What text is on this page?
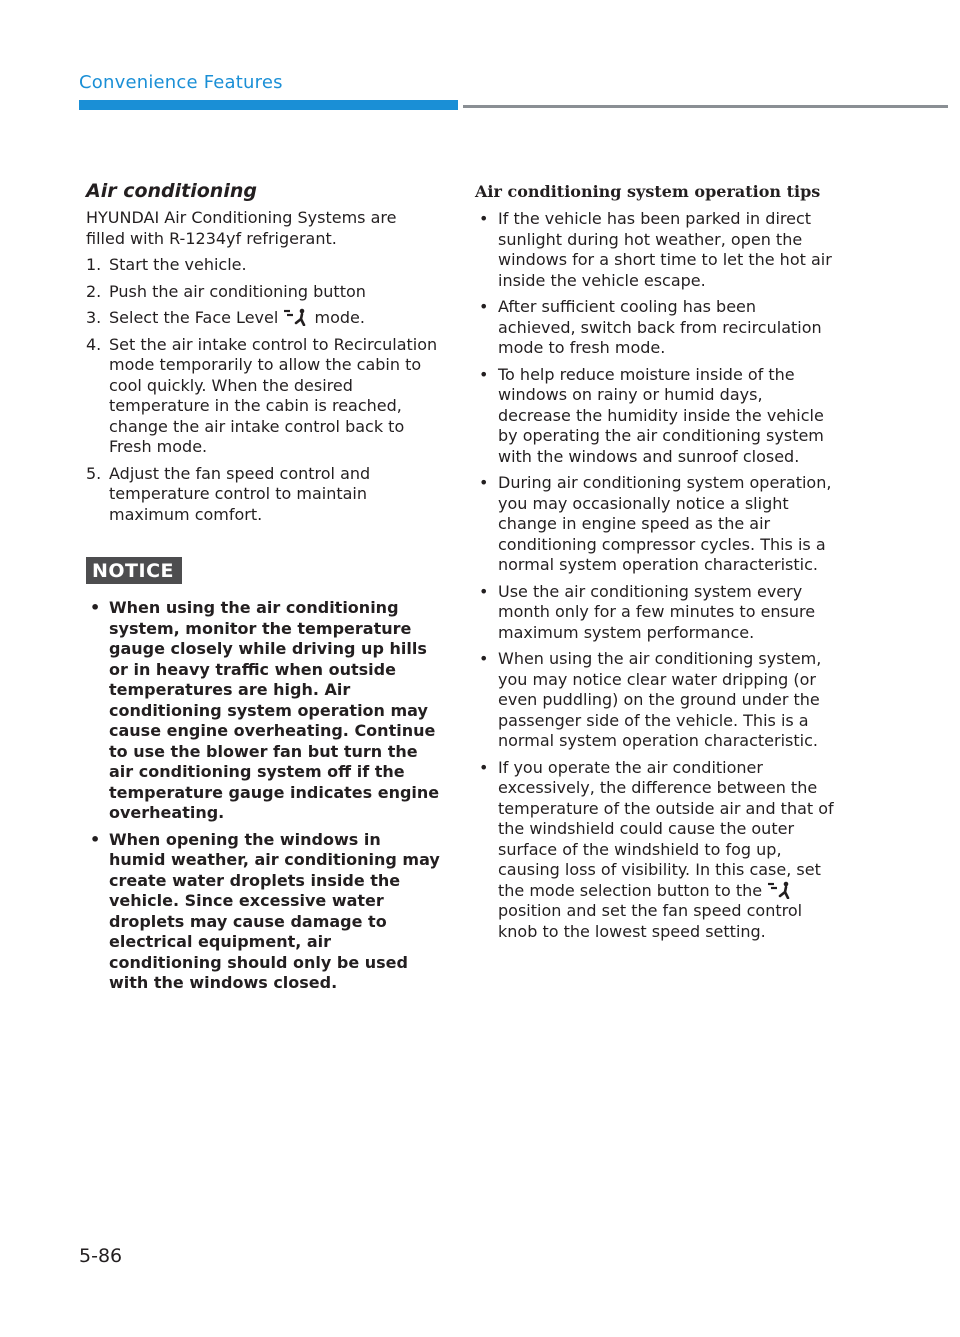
Convenience Features
Air conditioning

HYUNDAI Air Conditioning Systems are filled with R-1234yf refrigerant.

1. Start the vehicle.
2. Push the air conditioning button
3. Select the Face Level mode.
4. Set the air intake control to Recirculation mode temporarily to allow the cabin to cool quickly. When the desired temperature in the cabin is reached, change the air intake control back to Fresh mode.
5. Adjust the fan speed control and temperature control to maintain maximum comfort.
NOTICE
• When using the air conditioning system, monitor the temperature gauge closely while driving up hills or in heavy traffic when outside temperatures are high. Air conditioning system operation may cause engine overheating. Continue to use the blower fan but turn the air conditioning system off if the temperature gauge indicates engine overheating.
• When opening the windows in humid weather, air conditioning may create water droplets inside the vehicle. Since excessive water droplets may cause damage to electrical equipment, air conditioning should only be used with the windows closed.
Air conditioning system operation tips
• If the vehicle has been parked in direct sunlight during hot weather, open the windows for a short time to let the hot air inside the vehicle escape.
• After sufficient cooling has been achieved, switch back from recirculation mode to fresh mode.
• To help reduce moisture inside of the windows on rainy or humid days, decrease the humidity inside the vehicle by operating the air conditioning system with the windows and sunroof closed.
• During air conditioning system operation, you may occasionally notice a slight change in engine speed as the air conditioning compressor cycles. This is a normal system operation characteristic.
• Use the air conditioning system every month only for a few minutes to ensure maximum system performance.
• When using the air conditioning system, you may notice clear water dripping (or even puddling) on the ground under the passenger side of the vehicle. This is a normal system operation characteristic.
• If you operate the air conditioner excessively, the difference between the temperature of the outside air and that of the windshield could cause the outer surface of the windshield to fog up, causing loss of visibility. In this case, set the mode selection button to the  position and set the fan speed control knob to the lowest speed setting.
5-86
